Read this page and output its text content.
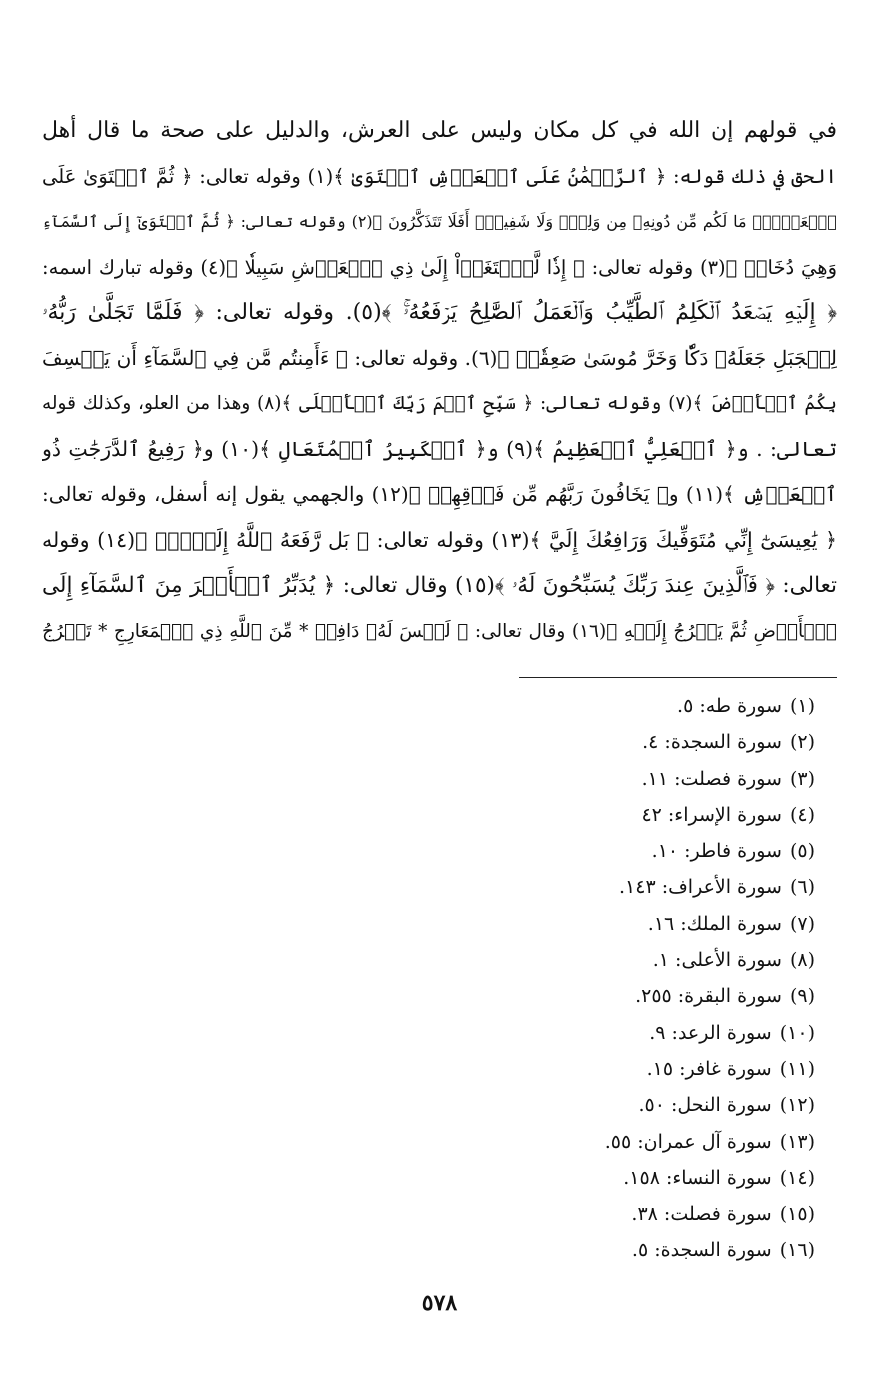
في قولهم إن الله في كل مكان وليس على العرش، والدليل على صحة ما قال أهل
الحق في ذلك قوله: ﴿ ٱلرَّحۡمَٰنُ عَلَى ٱلۡعَرۡشِ ٱسۡتَوَىٰ ﴾(١) وقوله تعالى: ﴿ ثُمَّ ٱسۡتَوَىٰ عَلَى
ٱلۡعَرۡشِۖ مَا لَكُم مِّن دُونِهِۦ مِن وَلِيّٖ وَلَا شَفِيعٍۚ أَفَلَا تَتَذَكَّرُونَ ﴾(٢) وقوله تعالى: ﴿ ثُمَّ ٱسۡتَوَىٰٓ إِلَى ٱلسَّمَآءِ
وَهِيَ دُخَانٞ ﴾(٣) وقوله تعالى: ﴿ إِذٗا لَّٱبۡتَغَوۡاْ إِلَىٰ ذِي ٱلۡعَرۡشِ سَبِيلٗا ﴾(٤) وقوله تبارك اسمه:
﴿ إِلَيۡهِ يَصۡعَدُ ٱلۡكَلِمُ ٱلطَّيِّبُ وَٱلۡعَمَلُ ٱلصَّٰلِحُ يَرۡفَعُهُۥۚ ﴾(٥). وقوله تعالى: ﴿ فَلَمَّا تَجَلَّىٰ رَبُّهُۥ
لِلۡجَبَلِ جَعَلَهُۥ دَكّٗا وَخَرَّ مُوسَىٰ صَعِقٗاۚ ﴾(٦). وقوله تعالى: ﴿ ءَأَمِنتُم مَّن فِي ٱلسَّمَآءِ أَن يَخۡسِفَ
بِكُمُ ٱلۡأَرۡضَ ﴾(٧) وقوله تعالى: ﴿ سَبِّحِ ٱسۡمَ رَبِّكَ ٱلۡأَعۡلَى ﴾(٨) وهذا من العلو، وكذلك قوله
تعالى: . و﴿ ٱلۡعَلِيُّ ٱلۡعَظِيمُ ﴾(٩) و﴿ ٱلۡكَبِيرُ ٱلۡمُتَعَالِ ﴾(١٠) و﴿ رَفِيعُ ٱلدَّرَجَٰتِ ذُو
ٱلۡعَرۡشِ ﴾(١١) و﴿ يَخَافُونَ رَبَّهُم مِّن فَوۡقِهِمۡ ﴾(١٢) والجهمي يقول إنه أسفل، وقوله تعالى:
﴿ يَٰعِيسَىٰٓ إِنِّي مُتَوَفِّيكَ وَرَافِعُكَ إِلَيَّ ﴾(١٣) وقوله تعالى: ﴿ بَل رَّفَعَهُ ٱللَّهُ إِلَيۡهِۚ ﴾(١٤) وقوله
تعالى: ﴿ فَٱلَّذِينَ عِندَ رَبِّكَ يُسَبِّحُونَ لَهُۥ ﴾(١٥) وقال تعالى: ﴿ يُدَبِّرُ ٱلۡأَمۡرَ مِنَ ٱلسَّمَآءِ إِلَى
ٱلۡأَرۡضِ ثُمَّ يَعۡرُجُ إِلَيۡهِ ﴾(١٦) وقال تعالى: ﴿ لَيۡسَ لَهُۥ دَافِعٞ * مِّنَ ٱللَّهِ ذِي ٱلۡمَعَارِجِ * تَعۡرُجُ
(١)سورة طه: ٥.
(٢)سورة السجدة: ٤.
(٣)سورة فصلت: ١١.
(٤)سورة الإسراء: ٤٢
(٥)سورة فاطر: ١٠.
(٦)سورة الأعراف: ١٤٣.
(٧)سورة الملك: ١٦.
(٨)سورة الأعلى: ١.
(٩)سورة البقرة: ٢٥٥.
(١٠)سورة الرعد: ٩.
(١١)سورة غافر: ١٥.
(١٢)سورة النحل: ٥٠.
(١٣)سورة آل عمران: ٥٥.
(١٤)سورة النساء: ١٥٨.
(١٥)سورة فصلت: ٣٨.
(١٦)سورة السجدة: ٥.
٥٧٨
